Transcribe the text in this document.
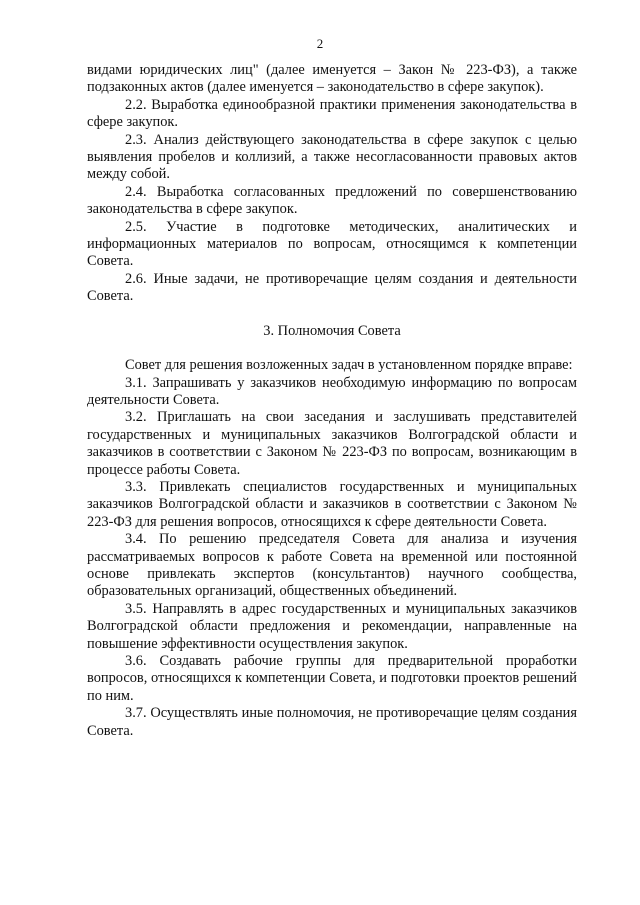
2

видами юридических лиц" (далее именуется – Закон № 223-ФЗ), а также подзаконных актов (далее именуется – законодательство в сфере закупок).

2.2. Выработка единообразной практики применения законодательства в сфере закупок.

2.3. Анализ действующего законодательства в сфере закупок с целью выявления пробелов и коллизий, а также несогласованности правовых актов между собой.

2.4. Выработка согласованных предложений по совершенствованию законодательства в сфере закупок.

2.5. Участие в подготовке методических, аналитических и информационных материалов по вопросам, относящимся к компетенции Совета.

2.6. Иные задачи, не противоречащие целям создания и деятельности Совета.

3. Полномочия Совета

Совет для решения возложенных задач в установленном порядке вправе:

3.1. Запрашивать у заказчиков необходимую информацию по вопросам деятельности Совета.

3.2. Приглашать на свои заседания и заслушивать представителей государственных и муниципальных заказчиков Волгоградской области и заказчиков в соответствии с Законом № 223-ФЗ по вопросам, возникающим в процессе работы Совета.

3.3. Привлекать специалистов государственных и муниципальных заказчиков Волгоградской области и заказчиков в соответствии с Законом № 223-ФЗ для решения вопросов, относящихся к сфере деятельности Совета.

3.4. По решению председателя Совета для анализа и изучения рассматриваемых вопросов к работе Совета на временной или постоянной основе привлекать экспертов (консультантов) научного сообщества, образовательных организаций, общественных объединений.

3.5. Направлять в адрес государственных и муниципальных заказчиков Волгоградской области предложения и рекомендации, направленные на повышение эффективности осуществления закупок.

3.6. Создавать рабочие группы для предварительной проработки вопросов, относящихся к компетенции Совета, и подготовки проектов решений по ним.

3.7. Осуществлять иные полномочия, не противоречащие целям создания Совета.
